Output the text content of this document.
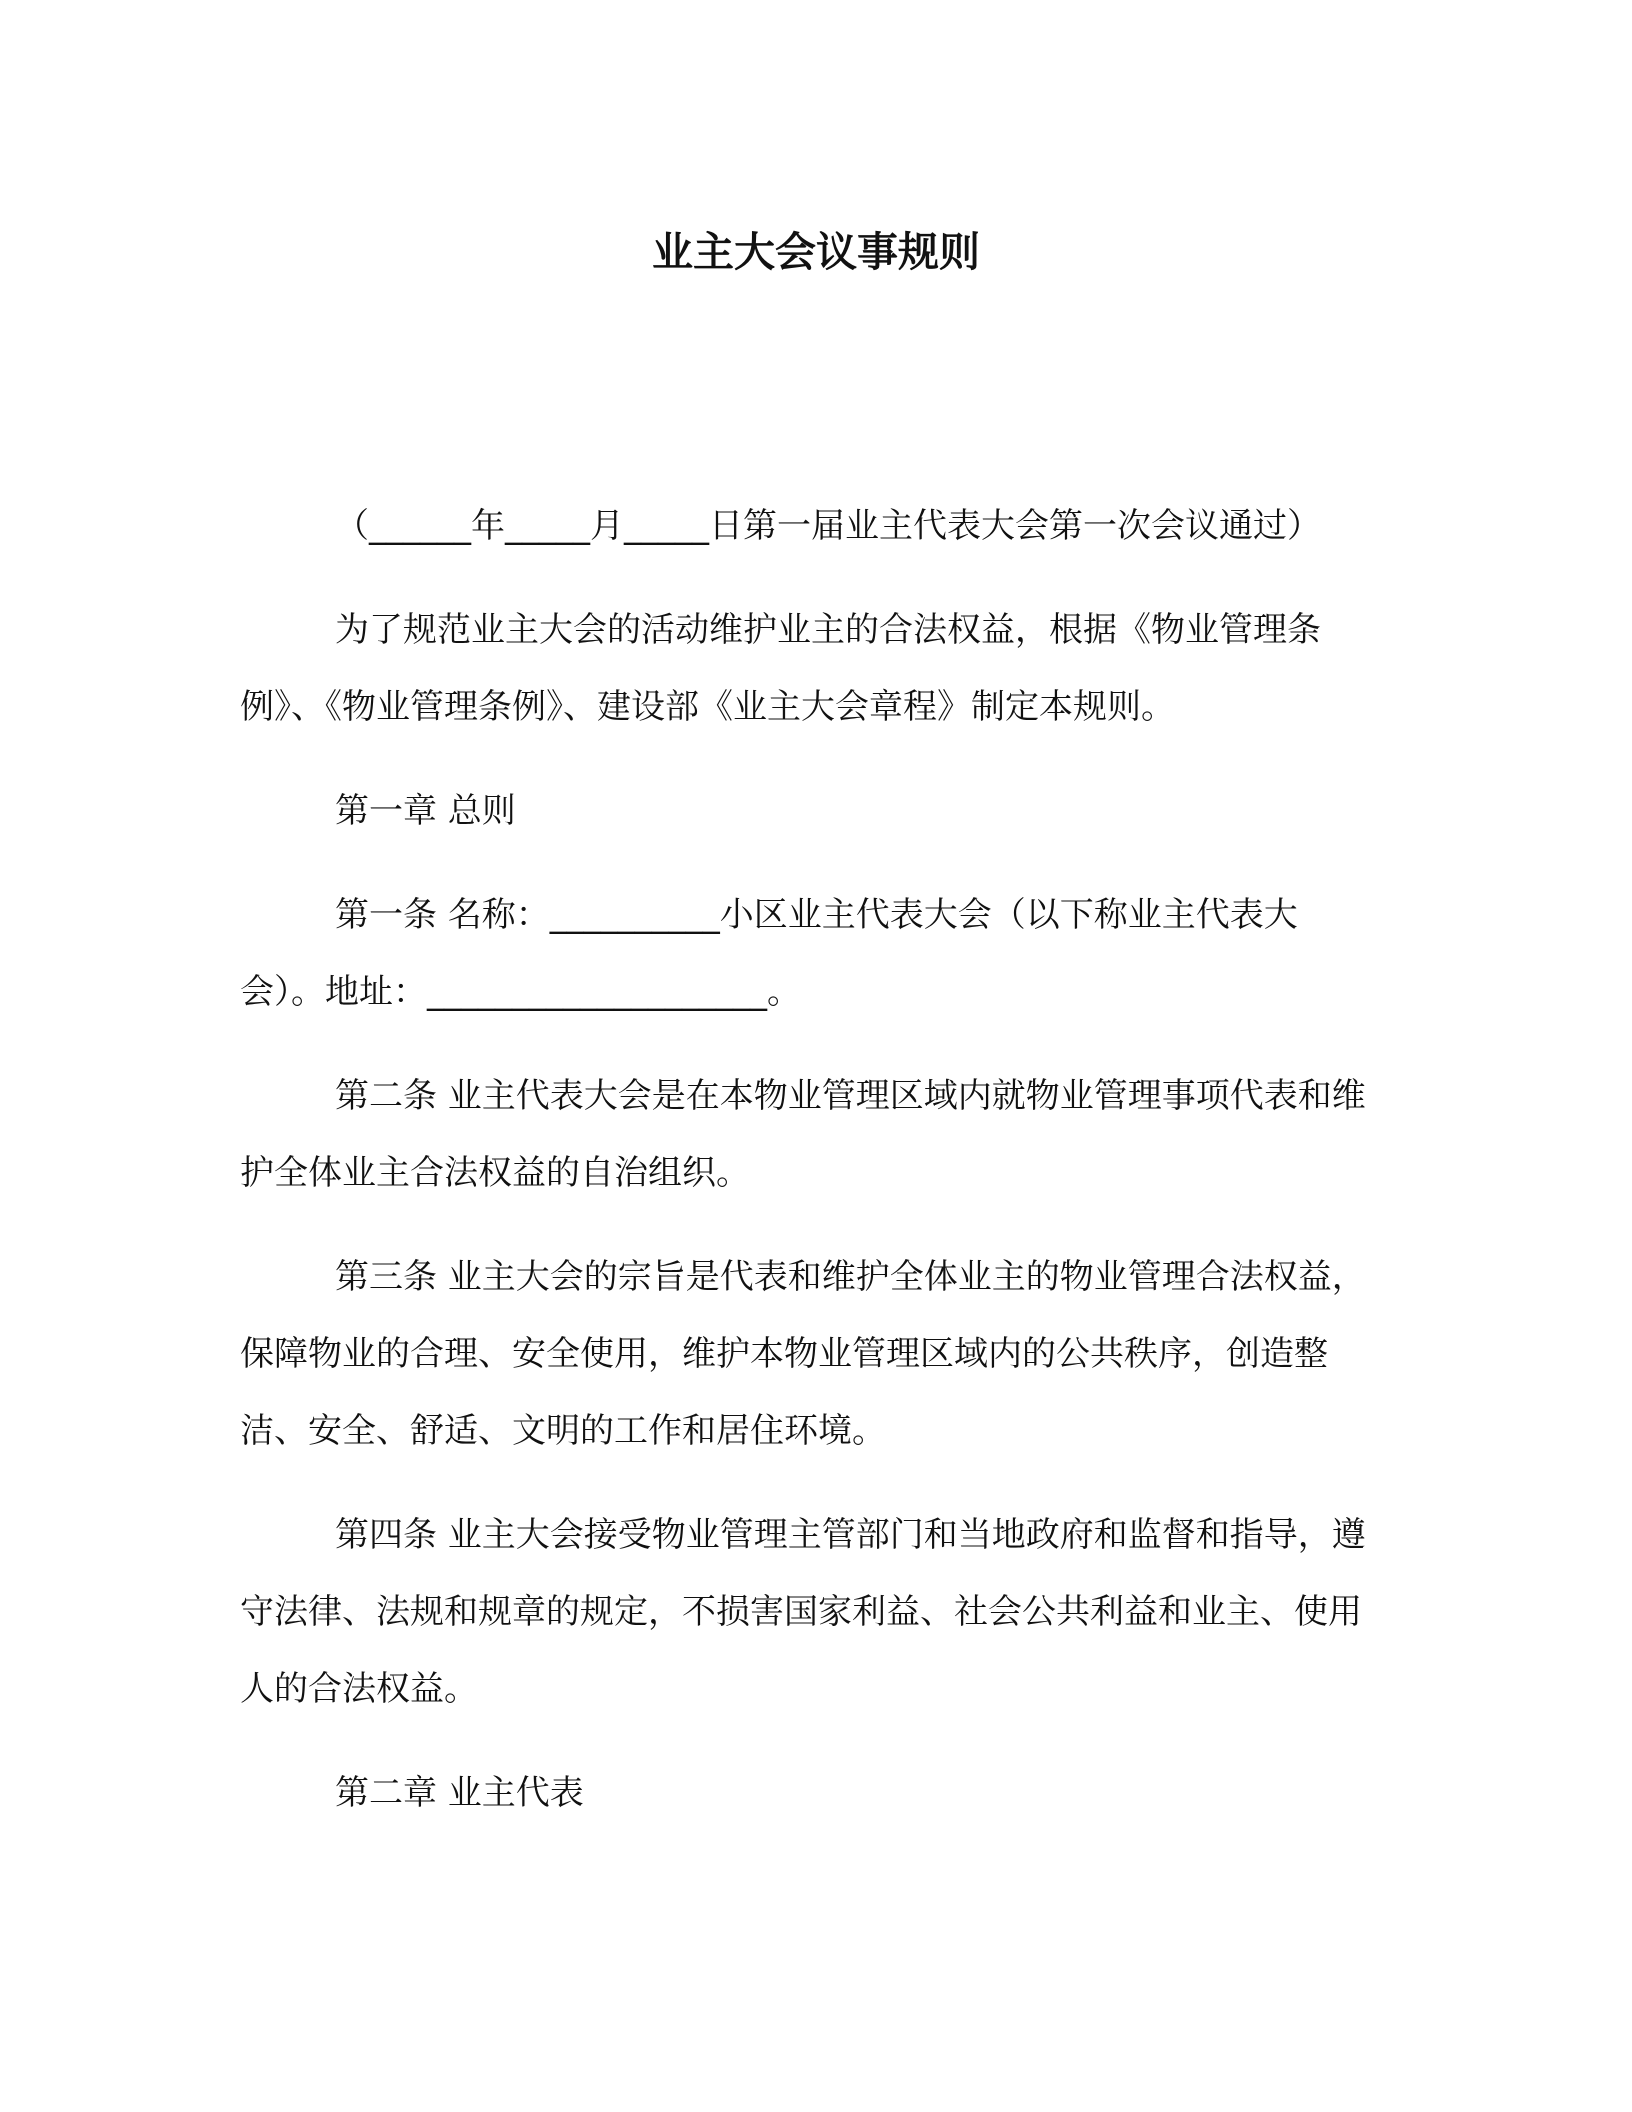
业主大会议事规则

（______年_____月_____日第一届业主代表大会第一次会议通过）

为了规范业主大会的活动维护业主的合法权益，根据《物业管理条例》、《物业管理条例》、建设部《业主大会章程》制定本规则。

第一章 总则

第一条 名称：__________小区业主代表大会（以下称业主代表大会）。地址：____________________。

第二条 业主代表大会是在本物业管理区域内就物业管理事项代表和维护全体业主合法权益的自治组织。

第三条 业主大会的宗旨是代表和维护全体业主的物业管理合法权益，保障物业的合理、安全使用，维护本物业管理区域内的公共秩序，创造整洁、安全、舒适、文明的工作和居住环境。

第四条 业主大会接受物业管理主管部门和当地政府和监督和指导，遵守法律、法规和规章的规定，不损害国家利益、社会公共利益和业主、使用人的合法权益。

第二章 业主代表
